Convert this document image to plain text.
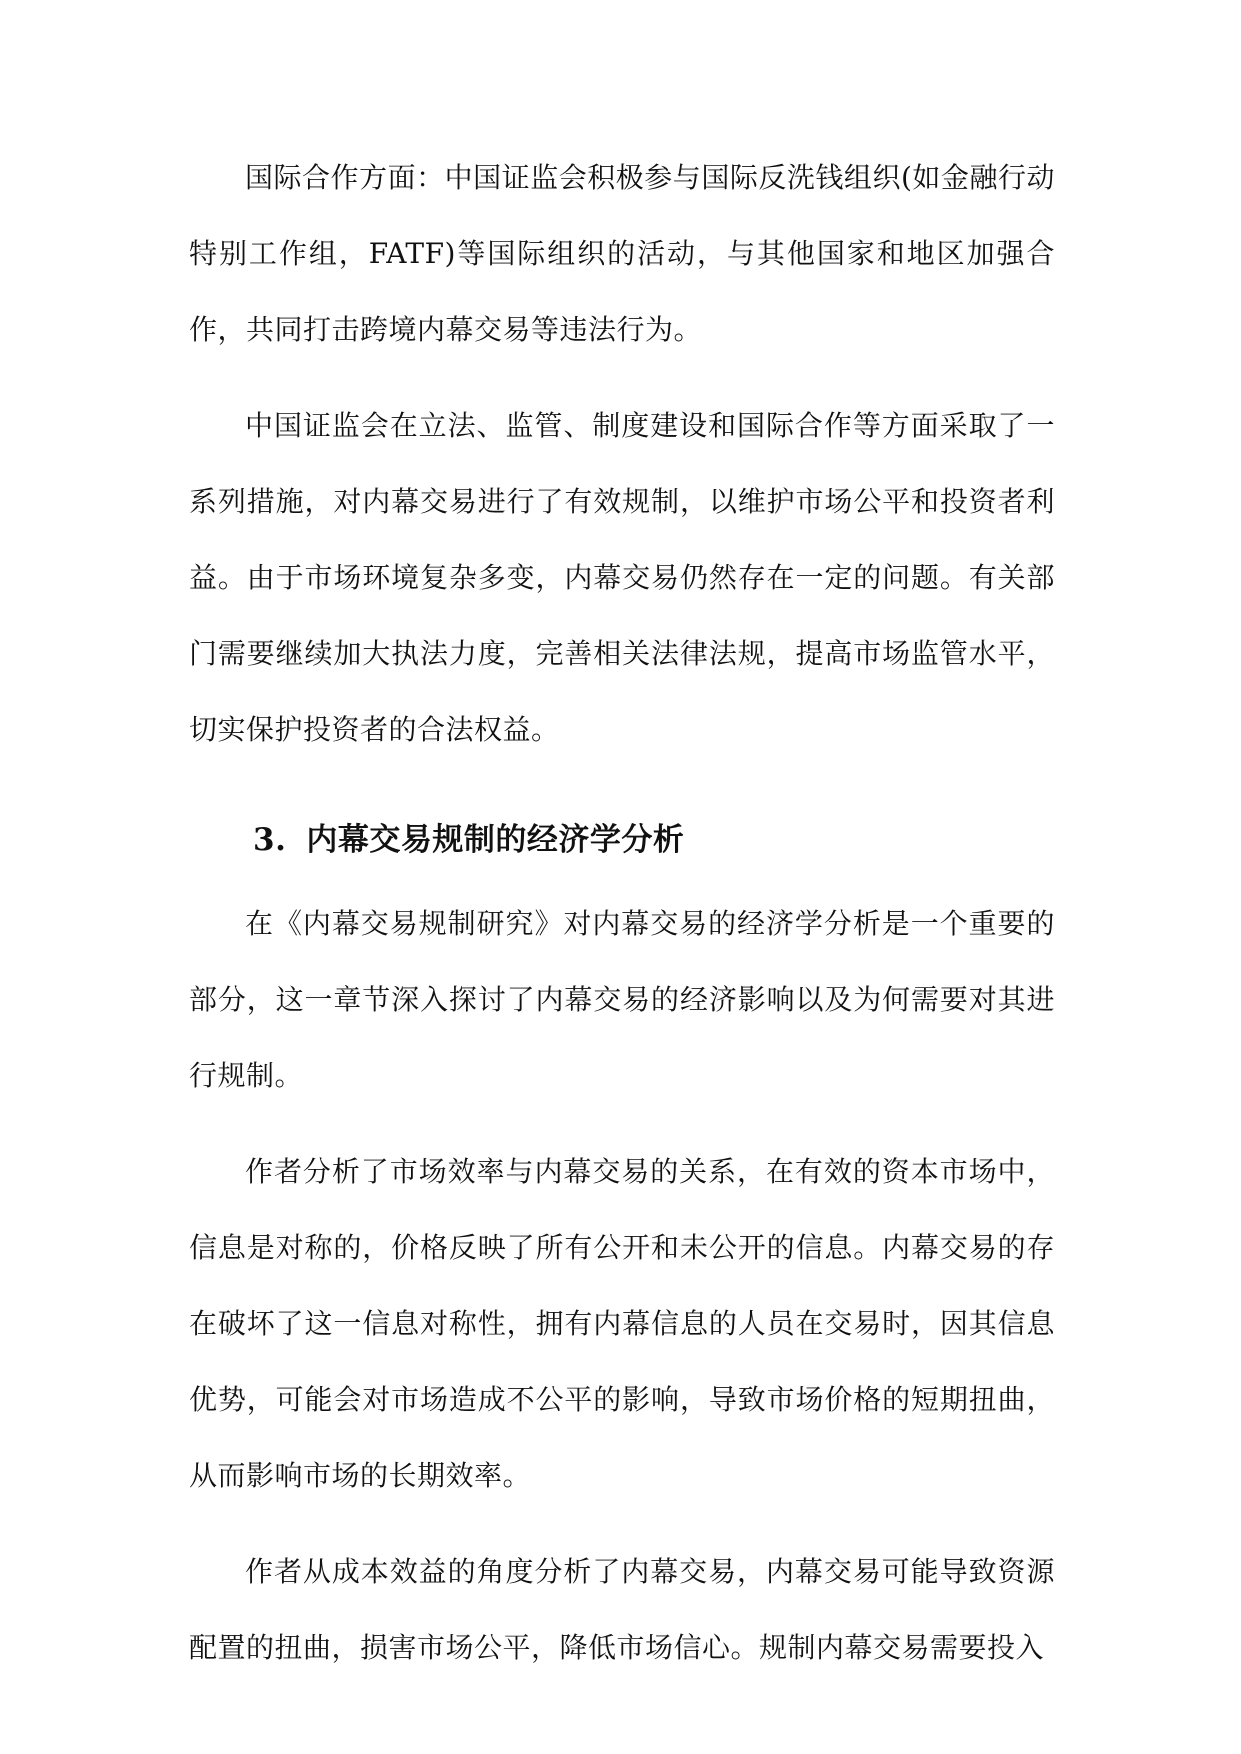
国际合作方面：中国证监会积极参与国际反洗钱组织(如金融行动特别工作组，FATF)等国际组织的活动，与其他国家和地区加强合作，共同打击跨境内幕交易等违法行为。

中国证监会在立法、监管、制度建设和国际合作等方面采取了一系列措施，对内幕交易进行了有效规制，以维护市场公平和投资者利益。由于市场环境复杂多变，内幕交易仍然存在一定的问题。有关部门需要继续加大执法力度，完善相关法律法规，提高市场监管水平，切实保护投资者的合法权益。

3. 内幕交易规制的经济学分析

在《内幕交易规制研究》对内幕交易的经济学分析是一个重要的部分，这一章节深入探讨了内幕交易的经济影响以及为何需要对其进行规制。

作者分析了市场效率与内幕交易的关系，在有效的资本市场中，信息是对称的，价格反映了所有公开和未公开的信息。内幕交易的存在破坏了这一信息对称性，拥有内幕信息的人员在交易时，因其信息优势，可能会对市场造成不公平的影响，导致市场价格的短期扭曲，从而影响市场的长期效率。

作者从成本效益的角度分析了内幕交易，内幕交易可能导致资源配置的扭曲，损害市场公平，降低市场信心。规制内幕交易需要投入
